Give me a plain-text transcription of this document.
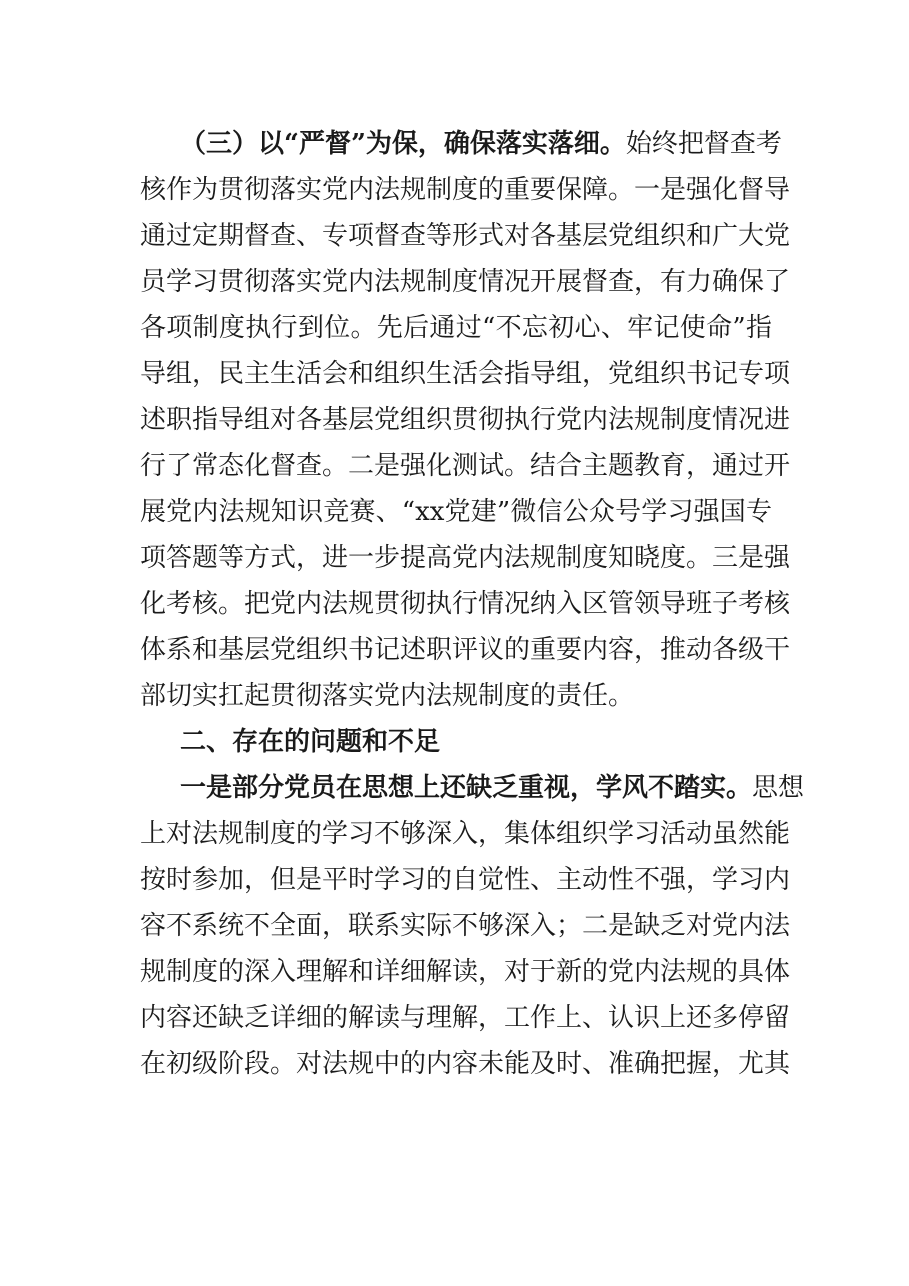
（三）以“严督”为保，确保落实落细。始终把督查考
核作为贯彻落实党内法规制度的重要保障。一是强化督导
通过定期督查、专项督查等形式对各基层党组织和广大党
员学习贯彻落实党内法规制度情况开展督查，有力确保了
各项制度执行到位。先后通过“不忘初心、牢记使命”指
导组，民主生活会和组织生活会指导组，党组织书记专项
述职指导组对各基层党组织贯彻执行党内法规制度情况进
行了常态化督查。二是强化测试。结合主题教育，通过开
展党内法规知识竞赛、“xx党建”微信公众号学习强国专
项答题等方式，进一步提高党内法规制度知晓度。三是强
化考核。把党内法规贯彻执行情况纳入区管领导班子考核
体系和基层党组织书记述职评议的重要内容，推动各级干
部切实扛起贯彻落实党内法规制度的责任。
二、存在的问题和不足
一是部分党员在思想上还缺乏重视，学风不踏实。思想
上对法规制度的学习不够深入，集体组织学习活动虽然能
按时参加，但是平时学习的自觉性、主动性不强，学习内
容不系统不全面，联系实际不够深入；二是缺乏对党内法
规制度的深入理解和详细解读，对于新的党内法规的具体
内容还缺乏详细的解读与理解，工作上、认识上还多停留
在初级阶段。对法规中的内容未能及时、准确把握，尤其
